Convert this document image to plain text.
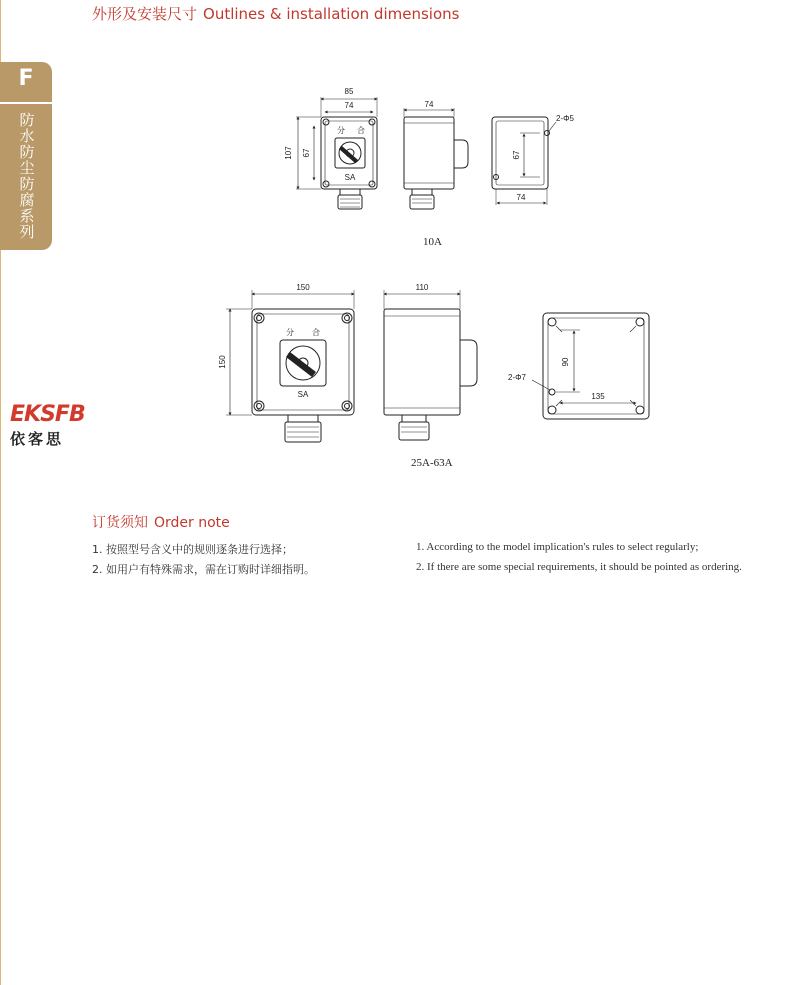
外形及安装尺寸 Outlines & installation dimensions
F
防水防尘防腐系列
EKSFB
依客思
85
74
107 67
分 合
SA
74
2-Φ5
67
74
150
150
分 合
SA
110
2-Φ7
90
135
10A
25A-63A
订货须知 Order note
1. 按照型号含义中的规则逐条进行选择；
2. 如用户有特殊需求，需在订购时详细指明。
1. According to the model implication's rules to select regularly;
2. If there are some special requirements, it should be pointed as ordering.
